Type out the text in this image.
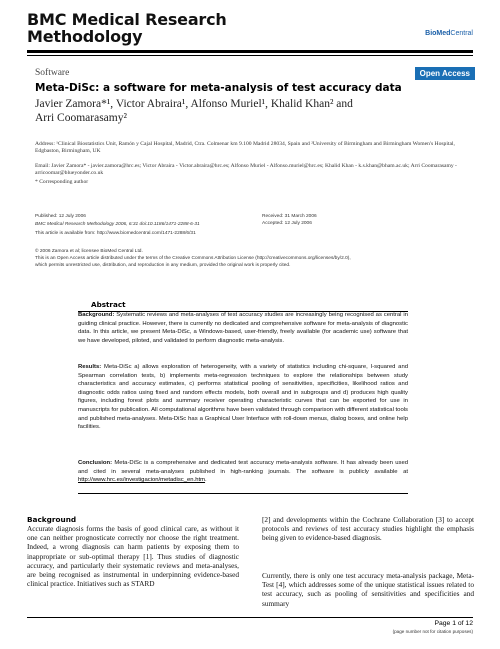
BMC Medical Research
Methodology	BioMedCentral
Software	Open Access
Meta-DiSc: a software for meta-analysis of test accuracy data
Javier Zamora*¹, Victor Abraira¹, Alfonso Muriel¹, Khalid Khan² and
Arri Coomarasamy²
Address: ¹Clinical Biostatistics Unit, Ramón y Cajal Hospital, Madrid, Ctra. Colmenar km 9.100 Madrid 28034, Spain and ²University of Birmingham and Birmingham Women's Hospital, Edgbaston, Birmingham, UK
Email: Javier Zamora* - javier.zamora@hrc.es; Victor Abraira - Victor.abraira@hrc.es; Alfonso Muriel - Alfonso.muriel@hrc.es; Khalid Khan - k.s.khan@bham.ac.uk; Arri Coomarasamy - arricoomar@blueyonder.co.uk
* Corresponding author
Published: 12 July 2006
BMC Medical Research Methodology 2006, 6:31 doi:10.1186/1471-2288-6-31
Received: 31 March 2006
Accepted: 12 July 2006
This article is available from: http://www.biomedcentral.com/1471-2288/6/31
© 2006 Zamora et al; licensee BioMed Central Ltd.
This is an Open Access article distributed under the terms of the Creative Commons Attribution License (http://creativecommons.org/licenses/by/2.0),
which permits unrestricted use, distribution, and reproduction in any medium, provided the original work is properly cited.
Abstract
Background: Systematic reviews and meta-analyses of test accuracy studies are increasingly being recognised as central in guiding clinical practice. However, there is currently no dedicated and comprehensive software for meta-analysis of diagnostic data. In this article, we present Meta-DiSc, a Windows-based, user-friendly, freely available (for academic use) software that we have developed, piloted, and validated to perform diagnostic meta-analysis.
Results: Meta-DiSc a) allows exploration of heterogeneity, with a variety of statistics including chi-square, I-squared and Spearman correlation tests, b) implements meta-regression techniques to explore the relationships between study characteristics and accuracy estimates, c) performs statistical pooling of sensitivities, specificities, likelihood ratios and diagnostic odds ratios using fixed and random effects models, both overall and in subgroups and d) produces high quality figures, including forest plots and summary receiver operating characteristic curves that can be exported for use in manuscripts for publication. All computational algorithms have been validated through comparison with different statistical tools and published meta-analyses. Meta-DiSc has a Graphical User Interface with roll-down menus, dialog boxes, and online help facilities.
Conclusion: Meta-DiSc is a comprehensive and dedicated test accuracy meta-analysis software. It has already been used and cited in several meta-analyses published in high-ranking journals. The software is publicly available at http://www.hrc.es/investigacion/metadisc_en.htm.
Background
Accurate diagnosis forms the basis of good clinical care, as without it one can neither prognosticate correctly nor choose the right treatment. Indeed, a wrong diagnosis can harm patients by exposing them to inappropriate or sub-optimal therapy [1]. Thus studies of diagnostic accuracy, and particularly their systematic reviews and meta-analyses, are being recognised as instrumental in underpinning evidence-based clinical practice. Initiatives such as STARD
[2] and developments within the Cochrane Collaboration [3] to accept protocols and reviews of test accuracy studies highlight the emphasis being given to evidence-based diagnosis.
Currently, there is only one test accuracy meta-analysis package, Meta-Test [4], which addresses some of the unique statistical issues related to test accuracy, such as pooling of sensitivities and specificities and summary
Page 1 of 12
(page number not for citation purposes)
